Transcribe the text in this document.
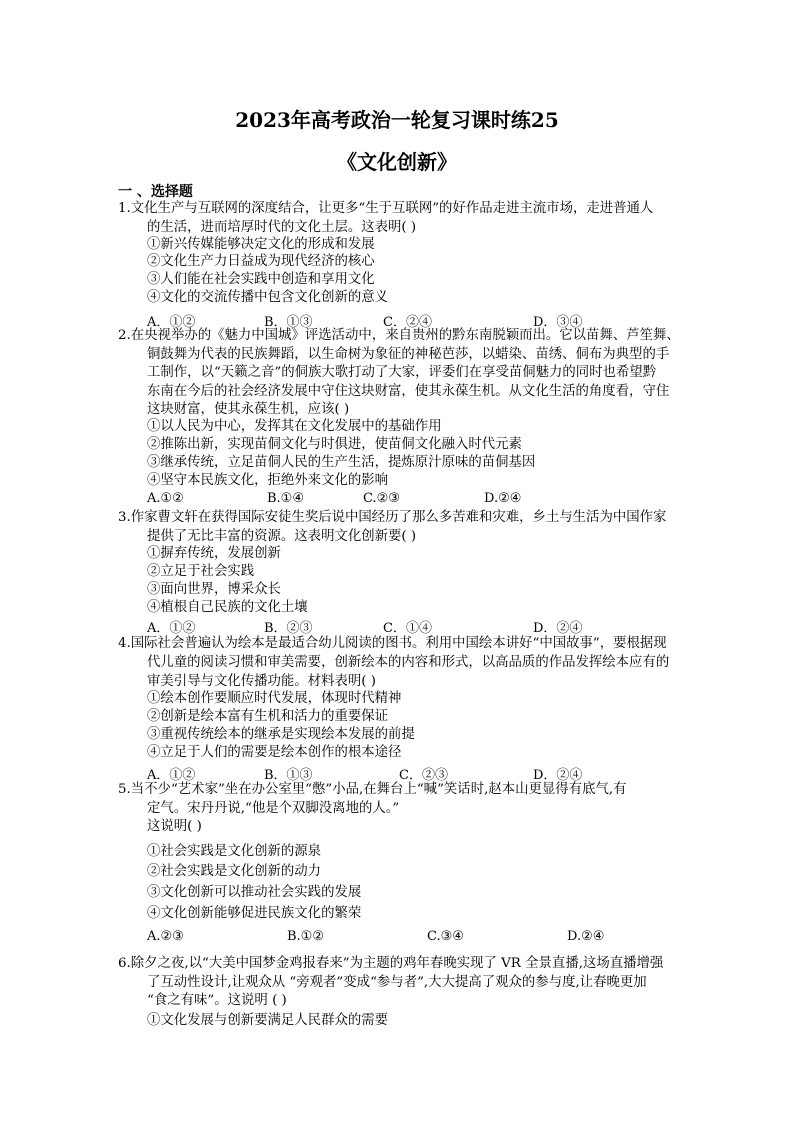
2023年高考政治一轮复习课时练25
《文化创新》
一 、选择题
1.文化生产与互联网的深度结合，让更多“生于互联网”的好作品走进主流市场，走进普通人
的生活，进而培厚时代的文化土层。这表明( )
①新兴传媒能够决定文化的形成和发展
②文化生产力日益成为现代经济的核心
③人们能在社会实践中创造和享用文化
④文化的交流传播中包含文化创新的意义
A．①②	B．①③	C．②④	D．③④
2.在央视举办的《魅力中国城》评选活动中，来自贵州的黔东南脱颖而出。它以苗舞、芦笙舞、
铜鼓舞为代表的民族舞蹈，以生命树为象征的神秘芭莎，以蜡染、苗绣、侗布为典型的手
工制作，以“天籁之音”的侗族大歌打动了大家，评委们在享受苗侗魅力的同时也希望黔
东南在今后的社会经济发展中守住这块财富，使其永葆生机。从文化生活的角度看，守住
这块财富，使其永葆生机，应该( )
①以人民为中心，发挥其在文化发展中的基础作用
②推陈出新，实现苗侗文化与时俱进，使苗侗文化融入时代元素
③继承传统，立足苗侗人民的生产生活，提炼原汁原味的苗侗基因
④坚守本民族文化，拒绝外来文化的影响
A.①②	B.①④	C.②③	D.②④
3.作家曹文轩在获得国际安徒生奖后说中国经历了那么多苦难和灾难，乡土与生活为中国作家
提供了无比丰富的资源。这表明文化创新要( )
①摒弃传统，发展创新
②立足于社会实践
③面向世界，博采众长
④植根自己民族的文化土壤
A．①②	B．②③	C．①④	D．②④
4.国际社会普遍认为绘本是最适合幼儿阅读的图书。利用中国绘本讲好“中国故事”，要根据现
代儿童的阅读习惯和审美需要，创新绘本的内容和形式，以高品质的作品发挥绘本应有的
审美引导与文化传播功能。材料表明( )
①绘本创作要顺应时代发展，体现时代精神
②创新是绘本富有生机和活力的重要保证
③重视传统绘本的继承是实现绘本发展的前提
④立足于人们的需要是绘本创作的根本途径
A．①②	B．①③	C．②③	D．②④
5.当不少“艺术家”坐在办公室里“憋”小品,在舞台上“喊”笑话时,赵本山更显得有底气,有
定气。宋丹丹说,“他是个双脚没离地的人。”
这说明( )
①社会实践是文化创新的源泉
②社会实践是文化创新的动力
③文化创新可以推动社会实践的发展
④文化创新能够促进民族文化的繁荣
A.②③	B.①②	C.③④	D.②④
6.除夕之夜,以“大美中国梦金鸡报春来”为主题的鸡年春晚实现了 VR 全景直播,这场直播增强
了互动性设计,让观众从 “旁观者”变成“参与者”,大大提高了观众的参与度,让春晚更加
“食之有味”。这说明 ( )
①文化发展与创新要满足人民群众的需要
